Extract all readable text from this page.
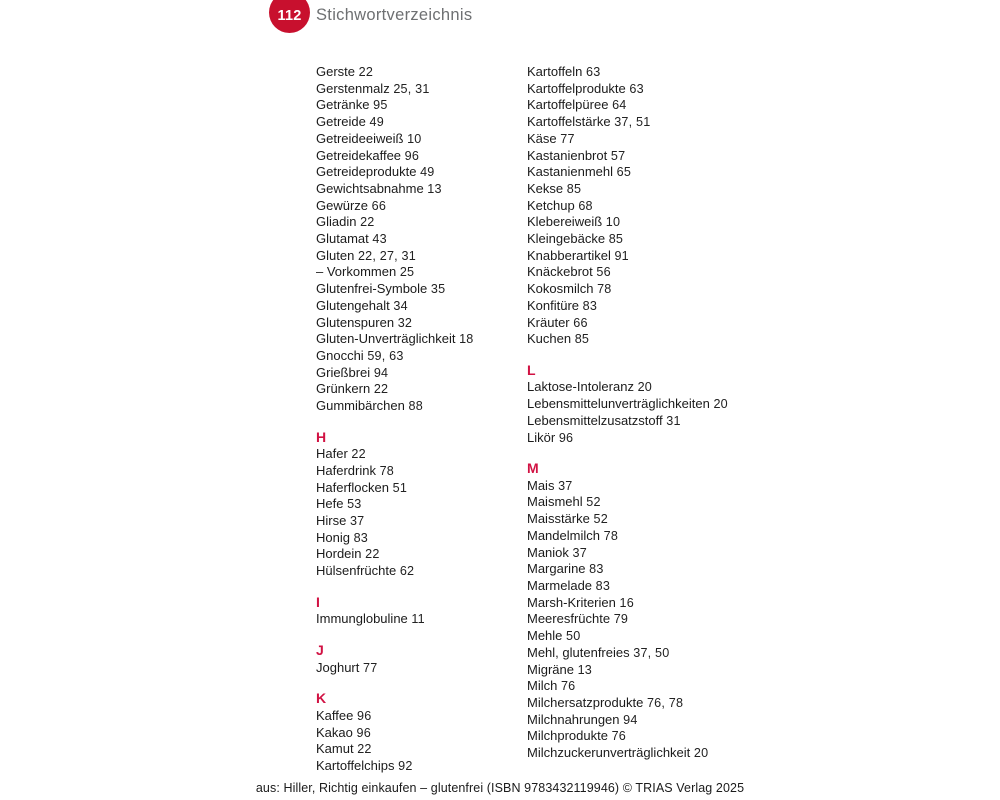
112 Stichwortverzeichnis

Gerste 22

Gerstenmalz 25, 31

Getränke 95

Getreide 49

Getreideeiweiß 10

Getreidekaffee 96

Getreideprodukte 49

Gewichtsabnahme 13

Gewürze 66

Gliadin 22

Glutamat 43

Gluten 22, 27, 31

– Vorkommen 25

Glutenfrei-Symbole 35

Glutengehalt 34

Glutenspuren 32

Gluten-Unverträglichkeit 18

Gnocchi 59, 63

Grießbrei 94

Grünkern 22

Gummibärchen 88

H

Hafer 22

Haferdrink 78

Haferflocken 51

Hefe 53

Hirse 37

Honig 83

Hordein 22

Hülsenfrüchte 62

I

Immunglobuline 11

J

Joghurt 77

K

Kaffee 96

Kakao 96

Kamut 22

Kartoffelchips 92

Kartoffeln 63

Kartoffelprodukte 63

Kartoffelpüree 64

Kartoffelstärke 37, 51

Käse 77

Kastanienbrot 57

Kastanienmehl 65

Kekse 85

Ketchup 68

Klebereiweiß 10

Kleingebäcke 85

Knabberartikel 91

Knäckebrot 56

Kokosmilch 78

Konfitüre 83

Kräuter 66

Kuchen 85

L

Laktose-Intoleranz 20

Lebensmittelunverträglichkeiten 20

Lebensmittelzusatzstoff 31

Likör 96

M

Mais 37

Maismehl 52

Maisstärke 52

Mandelmilch 78

Maniok 37

Margarine 83

Marmelade 83

Marsh-Kriterien 16

Meeresfrüchte 79

Mehle 50

Mehl, glutenfreies 37, 50

Migräne 13

Milch 76

Milchersatzprodukte 76, 78

Milchnahrungen 94

Milchprodukte 76

Milchzuckerunverträglichkeit 20

aus: Hiller, Richtig einkaufen – glutenfrei (ISBN 9783432119946) © TRIAS Verlag 2025
